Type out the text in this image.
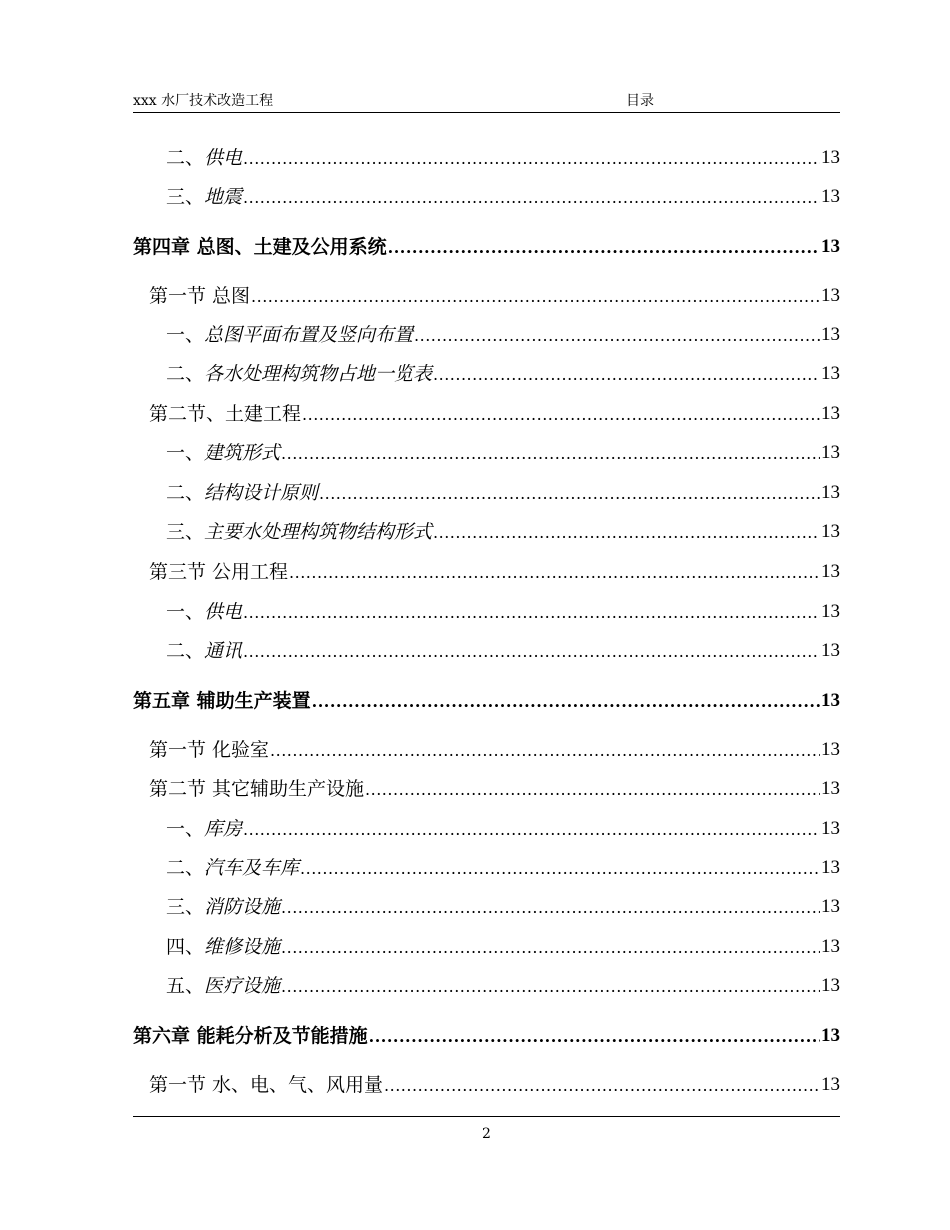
xxx 水厂技术改造工程	目录
二、供电 .....	13
三、地震 .....	13
第四章 总图、土建及公用系统 .....	13
第一节 总图 .....	13
一、总图平面布置及竖向布置 .....	13
二、各水处理构筑物占地一览表 .....	13
第二节、土建工程 .....	13
一、建筑形式 .....	13
二、结构设计原则 .....	13
三、主要水处理构筑物结构形式 .....	13
第三节 公用工程 .....	13
一、供电 .....	13
二、通讯 .....	13
第五章 辅助生产装置 .....	13
第一节 化验室 .....	13
第二节 其它辅助生产设施 .....	13
一、库房 .....	13
二、汽车及车库 .....	13
三、消防设施 .....	13
四、维修设施 .....	13
五、医疗设施 .....	13
第六章 能耗分析及节能措施 .....	13
第一节 水、电、气、风用量 .....	13
2
